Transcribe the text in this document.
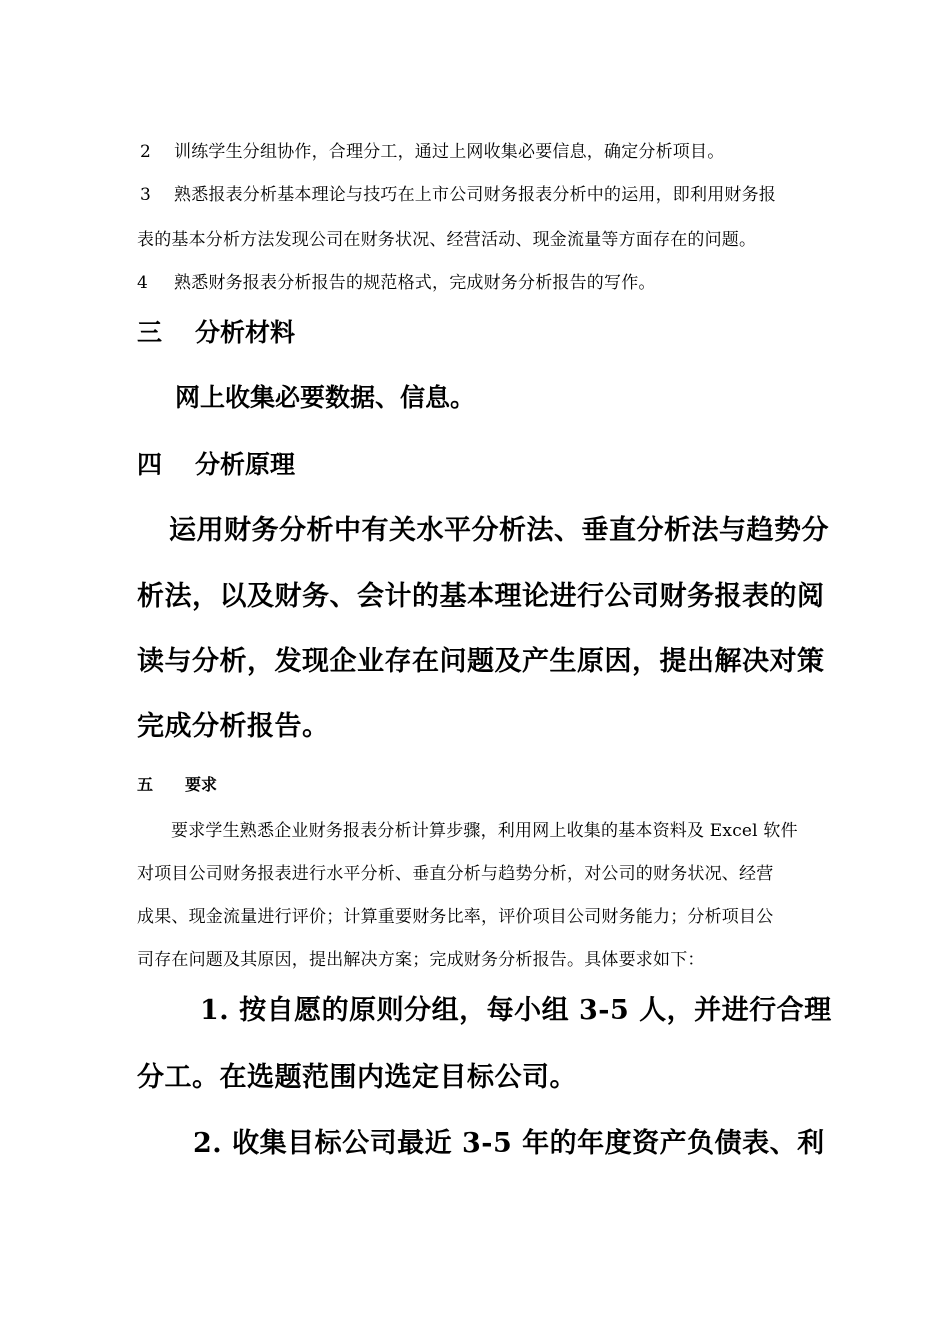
2 训练学生分组协作，合理分工，通过上网收集必要信息，确定分析项目。

3 熟悉报表分析基本理论与技巧在上市公司财务报表分析中的运用，即利用财务报

表的基本分析方法发现公司在财务状况、经营活动、现金流量等方面存在的问题。

4 熟悉财务报表分析报告的规范格式，完成财务分析报告的写作。

三 分析材料

网上收集必要数据、信息。

四 分析原理

运用财务分析中有关水平分析法、垂直分析法与趋势分

析法，以及财务、会计的基本理论进行公司财务报表的阅

读与分析，发现企业存在问题及产生原因，提出解决对策

完成分析报告。

五 要求

要求学生熟悉企业财务报表分析计算步骤，利用网上收集的基本资料及 Excel 软件

对项目公司财务报表进行水平分析、垂直分析与趋势分析，对公司的财务状况、经营

成果、现金流量进行评价；计算重要财务比率，评价项目公司财务能力；分析项目公

司存在问题及其原因，提出解决方案；完成财务分析报告。具体要求如下：

1. 按自愿的原则分组，每小组 3-5 人，并进行合理

分工。在选题范围内选定目标公司。

2. 收集目标公司最近 3-5 年的年度资产负债表、利
